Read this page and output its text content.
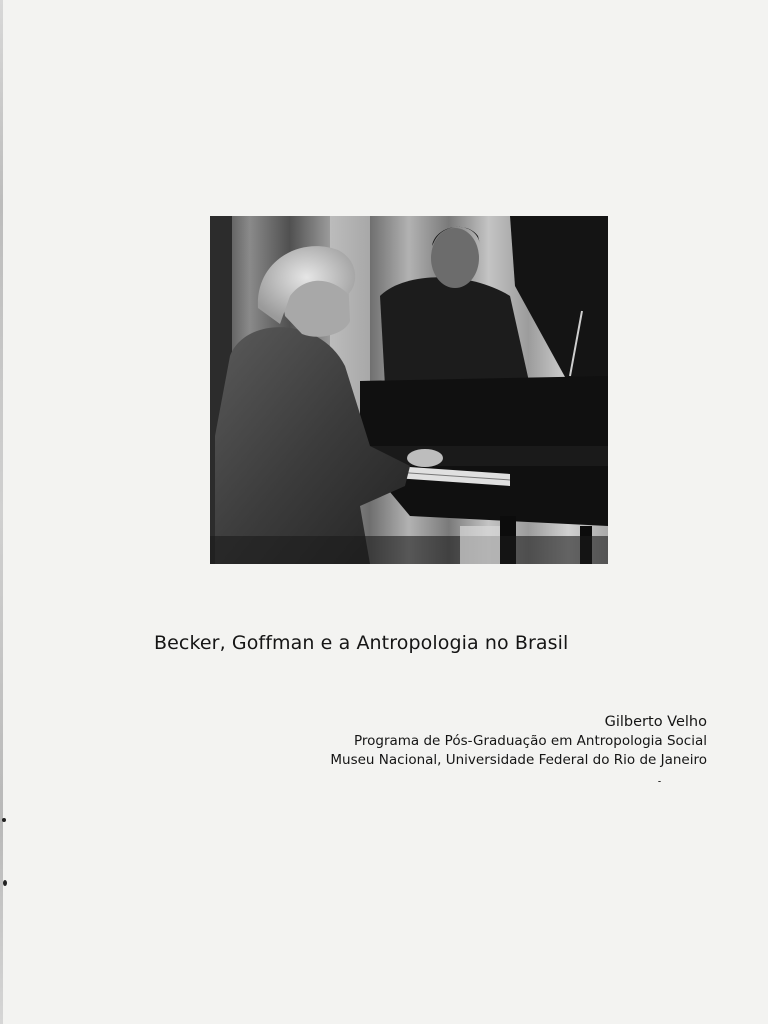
Becker, Goffman e a Antropologia no Brasil
Gilberto Velho
Programa de Pós-Graduação em Antropologia Social
Museu Nacional, Universidade Federal do Rio de Janeiro
